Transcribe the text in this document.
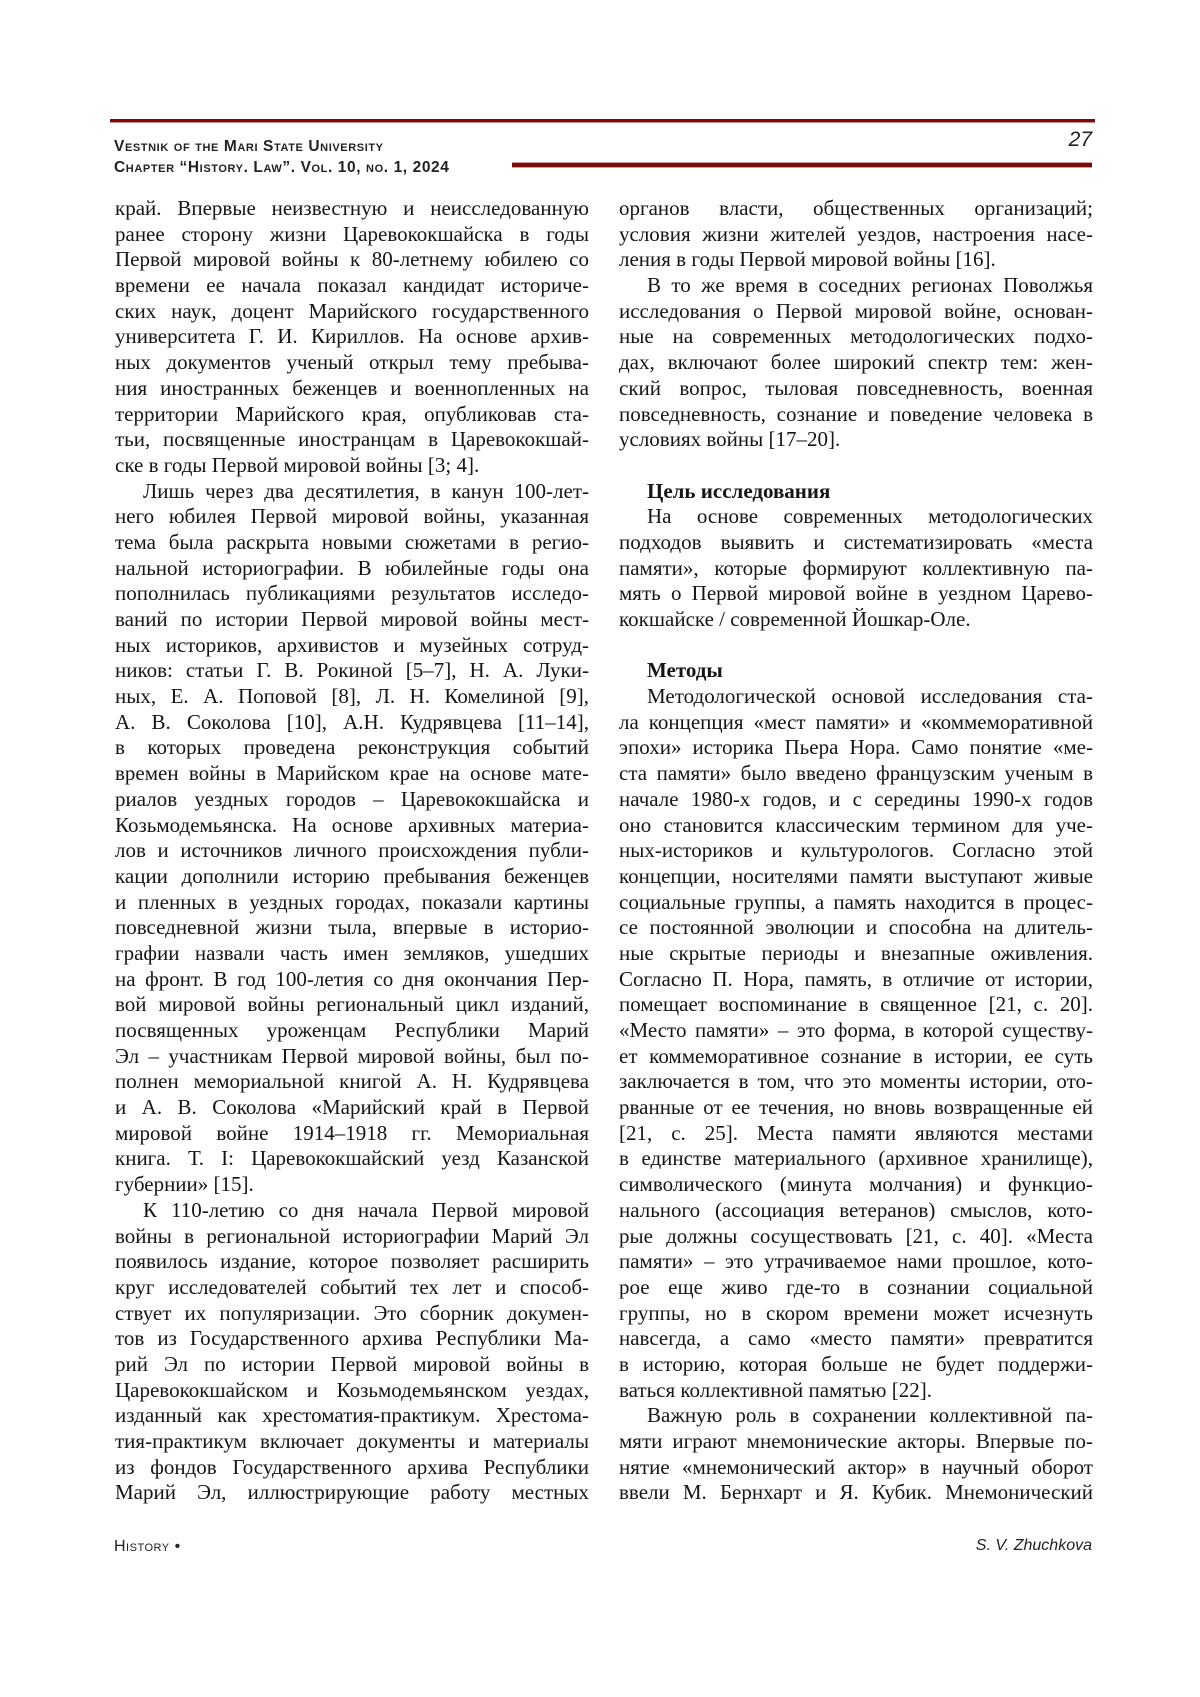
Vestnik of the Mari State University
Chapter “History. Law”. Vol. 10, no. 1, 2024
27
край. Впервые неизвестную и неисследованную
ранее сторону жизни Царевококшайска в годы
Первой мировой войны к 80-летнему юбилею со
времени ее начала показал кандидат историче-
ских наук, доцент Марийского государственного
университета Г. И. Кириллов. На основе архив-
ных документов ученый открыл тему пребыва-
ния иностранных беженцев и военнопленных на
территории Марийского края, опубликовав ста-
тьи, посвященные иностранцам в Царевококшай-
ске в годы Первой мировой войны [3; 4].
Лишь через два десятилетия, в канун 100-лет-
него юбилея Первой мировой войны, указанная
тема была раскрыта новыми сюжетами в регио-
нальной историографии. В юбилейные годы она
пополнилась публикациями результатов исследо-
ваний по истории Первой мировой войны мест-
ных историков, архивистов и музейных сотруд-
ников: статьи Г. В. Рокиной [5–7], Н. А. Луки-
ных, Е. А. Поповой [8], Л. Н. Комелиной [9],
А. В. Соколова [10], А.Н. Кудрявцева [11–14],
в которых проведена реконструкция событий
времен войны в Марийском крае на основе мате-
риалов уездных городов – Царевококшайска и
Козьмодемьянска. На основе архивных материа-
лов и источников личного происхождения публи-
кации дополнили историю пребывания беженцев
и пленных в уездных городах, показали картины
повседневной жизни тыла, впервые в историо-
графии назвали часть имен земляков, ушедших
на фронт. В год 100-летия со дня окончания Пер-
вой мировой войны региональный цикл изданий,
посвященных уроженцам Республики Марий
Эл – участникам Первой мировой войны, был по-
полнен мемориальной книгой А. Н. Кудрявцева
и А. В. Соколова «Марийский край в Первой
мировой войне 1914–1918 гг. Мемориальная
книга. Т. I: Царевококшайский уезд Казанской
губернии» [15].
К 110-летию со дня начала Первой мировой
войны в региональной историографии Марий Эл
появилось издание, которое позволяет расширить
круг исследователей событий тех лет и способ-
ствует их популяризации. Это сборник докумен-
тов из Государственного архива Республики Ма-
рий Эл по истории Первой мировой войны в
Царевококшайском и Козьмодемьянском уездах,
изданный как хрестоматия-практикум. Хрестома-
тия-практикум включает документы и материалы
из фондов Государственного архива Республики
Марий Эл, иллюстрирующие работу местных
органов власти, общественных организаций;
условия жизни жителей уездов, настроения насе-
ления в годы Первой мировой войны [16].
В то же время в соседних регионах Поволжья
исследования о Первой мировой войне, основан-
ные на современных методологических подхо-
дах, включают более широкий спектр тем: жен-
ский вопрос, тыловая повседневность, военная
повседневность, сознание и поведение человека в
условиях войны [17–20].
Цель исследования
На основе современных методологических
подходов выявить и систематизировать «места
памяти», которые формируют коллективную па-
мять о Первой мировой войне в уездном Царево-
кокшайске / современной Йошкар-Оле.
Методы
Методологической основой исследования ста-
ла концепция «мест памяти» и «коммеморативной
эпохи» историка Пьера Нора. Само понятие «ме-
ста памяти» было введено французским ученым в
начале 1980-х годов, и с середины 1990-х годов
оно становится классическим термином для уче-
ных-историков и культурологов. Согласно этой
концепции, носителями памяти выступают живые
социальные группы, а память находится в процес-
се постоянной эволюции и способна на длитель-
ные скрытые периоды и внезапные оживления.
Согласно П. Нора, память, в отличие от истории,
помещает воспоминание в священное [21, с. 20].
«Место памяти» – это форма, в которой существу-
ет коммеморативное сознание в истории, ее суть
заключается в том, что это моменты истории, ото-
рванные от ее течения, но вновь возвращенные ей
[21, с. 25]. Места памяти являются местами
в единстве материального (архивное хранилище),
символического (минута молчания) и функцио-
нального (ассоциация ветеранов) смыслов, кото-
рые должны сосуществовать [21, с. 40]. «Места
памяти» – это утрачиваемое нами прошлое, кото-
рое еще живо где-то в сознании социальной
группы, но в скором времени может исчезнуть
навсегда, а само «место памяти» превратится
в историю, которая больше не будет поддержи-
ваться коллективной памятью [22].
Важную роль в сохранении коллективной па-
мяти играют мнемонические акторы. Впервые по-
нятие «мнемонический актор» в научный оборот
ввели М. Бернхарт и Я. Кубик. Мнемонический
History •	S. V. Zhuchkova
